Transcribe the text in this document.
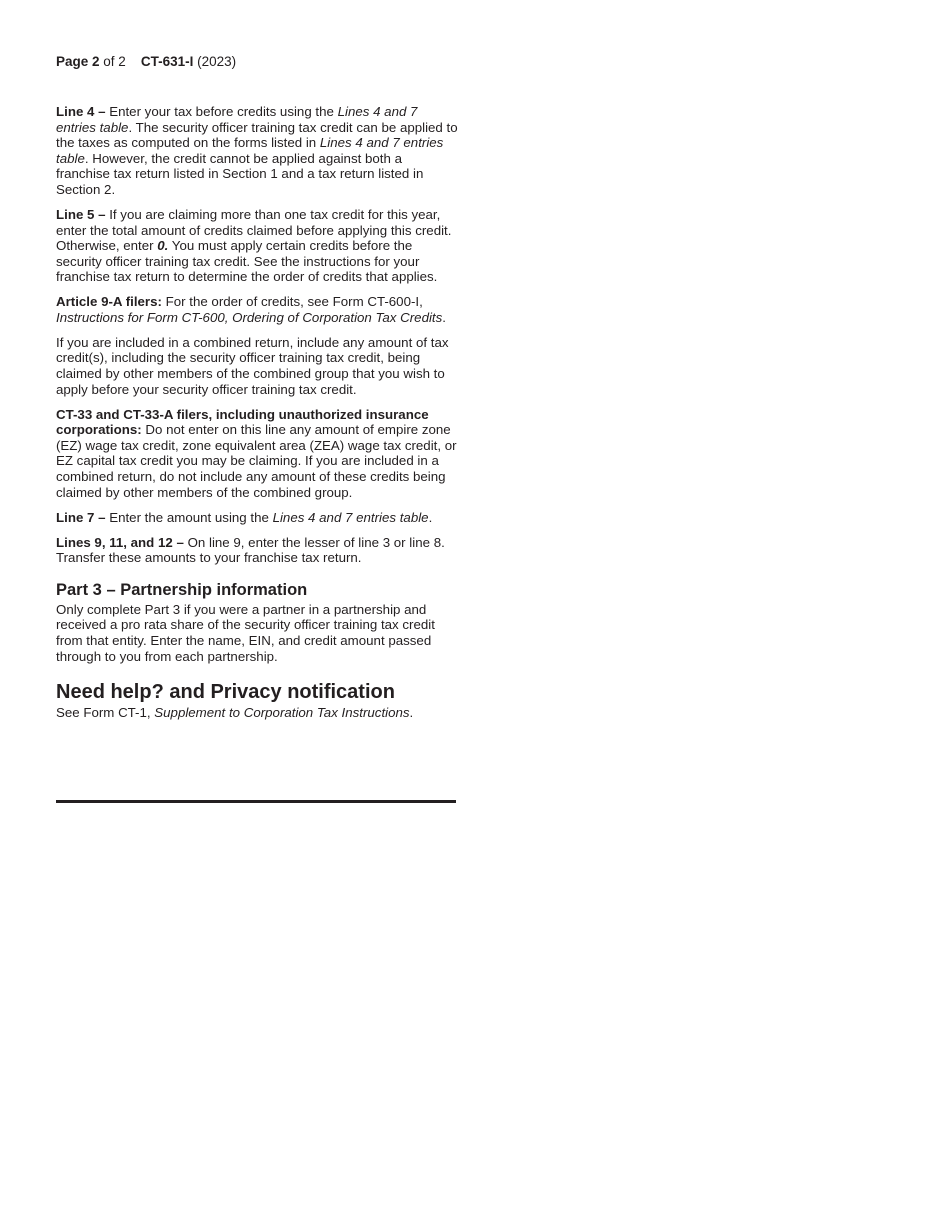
Page 2 of 2 CT-631-I (2023)

Line 4 – Enter your tax before credits using the Lines 4 and 7 entries table. The security officer training tax credit can be applied to the taxes as computed on the forms listed in Lines 4 and 7 entries table. However, the credit cannot be applied against both a franchise tax return listed in Section 1 and a tax return listed in Section 2.

Line 5 – If you are claiming more than one tax credit for this year, enter the total amount of credits claimed before applying this credit. Otherwise, enter 0. You must apply certain credits before the security officer training tax credit. See the instructions for your franchise tax return to determine the order of credits that applies.

Article 9-A filers: For the order of credits, see Form CT-600-I, Instructions for Form CT-600, Ordering of Corporation Tax Credits.

If you are included in a combined return, include any amount of tax credit(s), including the security officer training tax credit, being claimed by other members of the combined group that you wish to apply before your security officer training tax credit.

CT-33 and CT-33-A filers, including unauthorized insurance corporations: Do not enter on this line any amount of empire zone (EZ) wage tax credit, zone equivalent area (ZEA) wage tax credit, or EZ capital tax credit you may be claiming. If you are included in a combined return, do not include any amount of these credits being claimed by other members of the combined group.

Line 7 – Enter the amount using the Lines 4 and 7 entries table.

Lines 9, 11, and 12 – On line 9, enter the lesser of line 3 or line 8. Transfer these amounts to your franchise tax return.

Part 3 – Partnership information

Only complete Part 3 if you were a partner in a partnership and received a pro rata share of the security officer training tax credit from that entity. Enter the name, EIN, and credit amount passed through to you from each partnership.

Need help? and Privacy notification

See Form CT-1, Supplement to Corporation Tax Instructions.
